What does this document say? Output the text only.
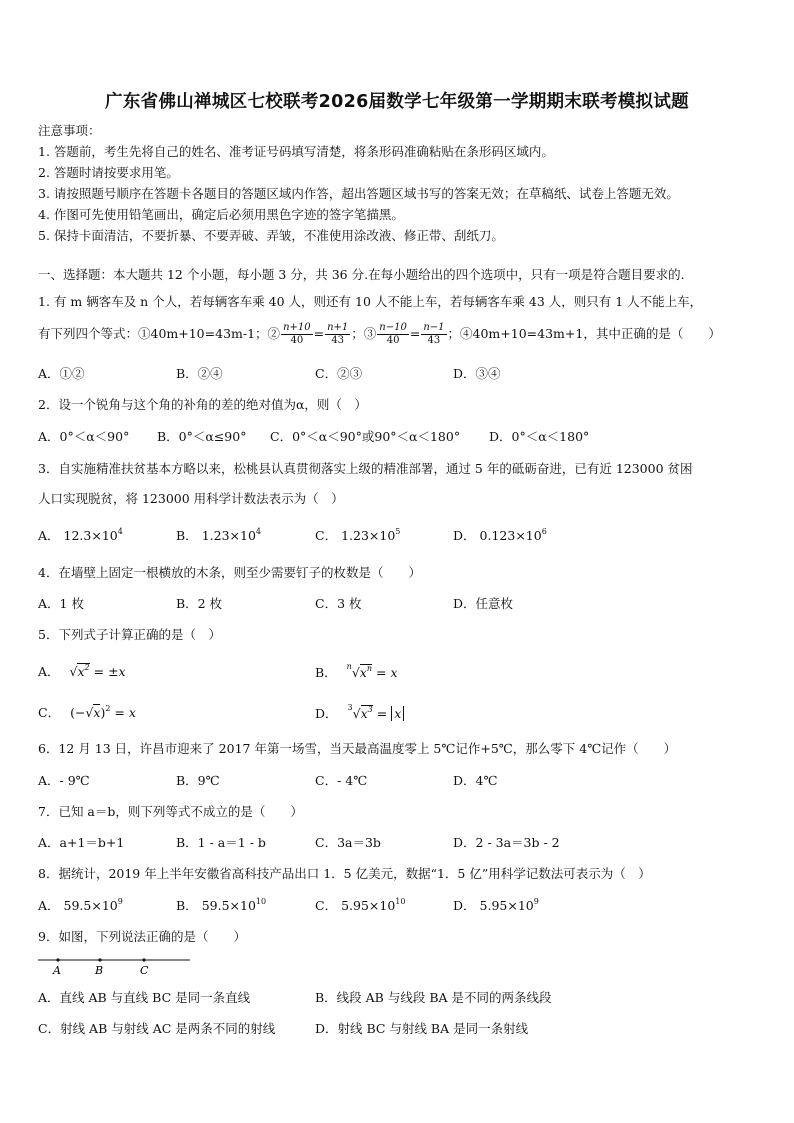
广东省佛山禅城区七校联考2026届数学七年级第一学期期末联考模拟试题
注意事项：
1. 答题前，考生先将自己的姓名、准考证号码填写清楚，将条形码准确粘贴在条形码区域内。
2. 答题时请按要求用笔。
3. 请按照题号顺序在答题卡各题目的答题区域内作答，超出答题区域书写的答案无效；在草稿纸、试卷上答题无效。
4. 作图可先使用铅笔画出，确定后必须用黑色字迹的签字笔描黑。
5. 保持卡面清洁，不要折暴、不要弄破、弄皱，不准使用涂改液、修正带、刮纸刀。
一、选择题：本大题共 12 个小题，每小题 3 分，共 36 分.在每小题给出的四个选项中，只有一项是符合题目要求的.
1. 有 m 辆客车及 n 个人，若每辆客车乘 40 人，则还有 10 人不能上车，若每辆客车乘 43 人，则只有 1 人不能上车，
有下列四个等式：①40m+10=43m-1；② $\frac{n+10}{40} = \frac{n+1}{43}$ ；③ $\frac{n-10}{40} = \frac{n-1}{43}$ ；④40m+10=43m+1，其中正确的是（　　）
A．①②	B．②④	C．②③	D．③④
2．设一个锐角与这个角的补角的差的绝对值为α，则（　）
A．0°＜α＜90° B．0°＜α≤90° C．0°＜α＜90°或90°＜α＜180° D．0°＜α＜180°
3．自实施精准扶贫基本方略以来，松桃县认真贯彻落实上级的精准部署，通过 5 年的砥砺奋进，已有近 123000 贫困
人口实现脱贫，将 123000 用科学计数法表示为（　）
A． $12.3\times 10^4$	B． $1.23\times 10^4$	C． $1.23\times 10^5$	D． $0.123\times 10^6$
4．在墙壁上固定一根横放的木条，则至少需要钉子的枚数是（　　）
A．1 枚	B．2 枚	C．3 枚	D．任意枚
5．下列式子计算正确的是（　）
A． $√x^2 = \pm x$	B． $^n√x^n = x$
C． $(-√x)^2 = x$	D． $^3√x^3 = x$
6．12 月 13 日，许昌市迎来了 2017 年第一场雪，当天最高温度零上 5℃记作+5℃，那么零下 4℃记作（　　）
A．- 9℃	B．9℃	C．- 4℃	D．4℃
7．已知 a＝b，则下列等式不成立的是（　　）
A．a+1＝b+1	B．1 - a＝1 - b	C．3a＝3b	D．2 - 3a＝3b - 2
8．据统计，2019 年上半年安徽省高科技产品出口 1．5 亿美元，数据“1．5 亿”用科学记数法可表示为（　）
A． $59.5\times 10^9$	B． $59.5\times 10^{10}$	C． $5.95\times 10^{10}$	D． $5.95\times 10^9$
9．如图，下列说法正确的是（　　）
A	B	C
A．直线 AB 与直线 BC 是同一条直线	B．线段 AB 与线段 BA 是不同的两条线段
C．射线 AB 与射线 AC 是两条不同的射线	D．射线 BC 与射线 BA 是同一条射线
